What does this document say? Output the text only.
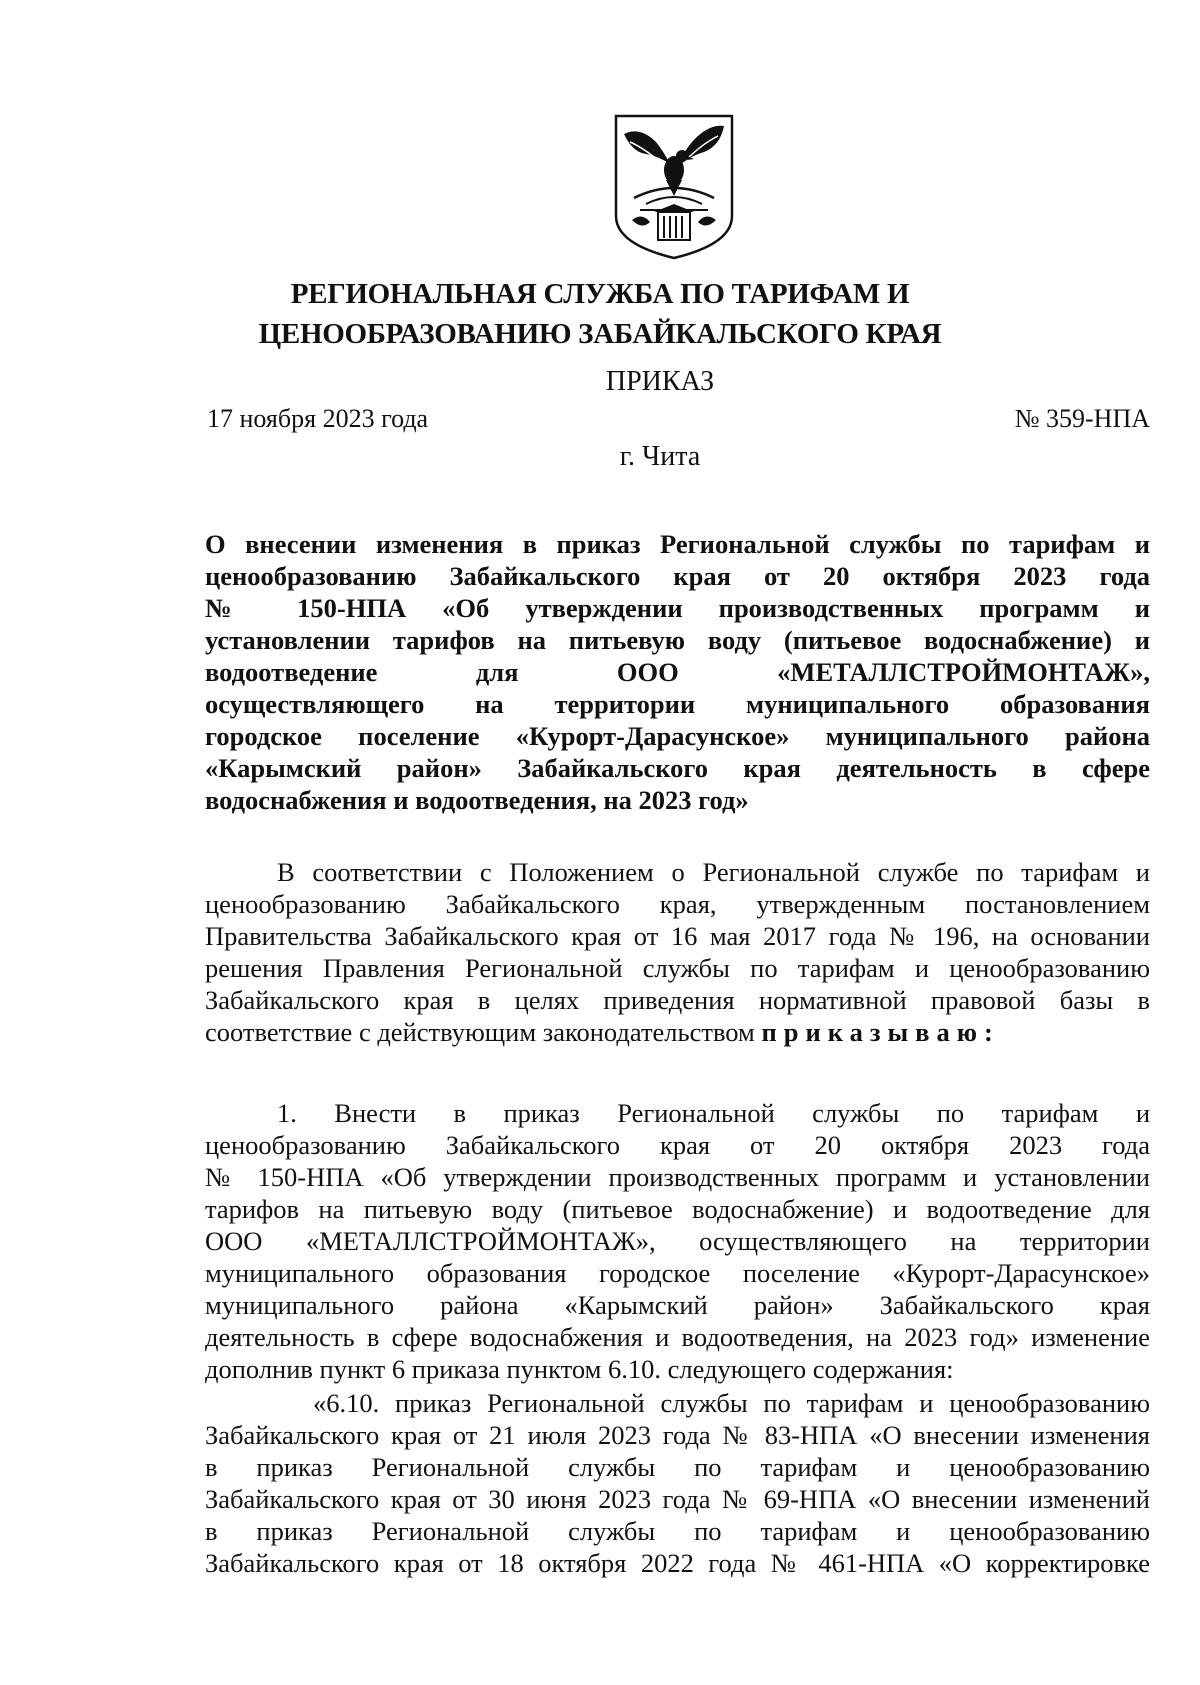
РЕГИОНАЛЬНАЯ СЛУЖБА ПО ТАРИФАМ И
ЦЕНООБРАЗОВАНИЮ ЗАБАЙКАЛЬСКОГО КРАЯ
ПРИКАЗ
17 ноября 2023 года	№ 359-НПА
г. Чита
О внесении изменения в приказ Региональной службы по тарифам и
ценообразованию Забайкальского края от 20 октября 2023 года
№ 150-НПА «Об утверждении производственных программ и
установлении тарифов на питьевую воду (питьевое водоснабжение) и
водоотведение для ООО «МЕТАЛЛСТРОЙМОНТАЖ»,
осуществляющего на территории муниципального образования
городское поселение «Курорт-Дарасунское» муниципального района
«Карымский район» Забайкальского края деятельность в сфере
водоснабжения и водоотведения, на 2023 год»
В соответствии с Положением о Региональной службе по тарифам и
ценообразованию Забайкальского края, утвержденным постановлением
Правительства Забайкальского края от 16 мая 2017 года № 196, на основании
решения Правления Региональной службы по тарифам и ценообразованию
Забайкальского края в целях приведения нормативной правовой базы в
соответствие с действующим законодательством приказываю:
1. Внести в приказ Региональной службы по тарифам и
ценообразованию Забайкальского края от 20 октября 2023 года
№ 150-НПА «Об утверждении производственных программ и установлении
тарифов на питьевую воду (питьевое водоснабжение) и водоотведение для
ООО «МЕТАЛЛСТРОЙМОНТАЖ», осуществляющего на территории
муниципального образования городское поселение «Курорт-Дарасунское»
муниципального района «Карымский район» Забайкальского края
деятельность в сфере водоснабжения и водоотведения, на 2023 год» изменение
дополнив пункт 6 приказа пунктом 6.10. следующего содержания:
«6.10. приказ Региональной службы по тарифам и ценообразованию
Забайкальского края от 21 июля 2023 года № 83-НПА «О внесении изменения
в приказ Региональной службы по тарифам и ценообразованию
Забайкальского края от 30 июня 2023 года № 69-НПА «О внесении изменений
в приказ Региональной службы по тарифам и ценообразованию
Забайкальского края от 18 октября 2022 года № 461-НПА «О корректировке
